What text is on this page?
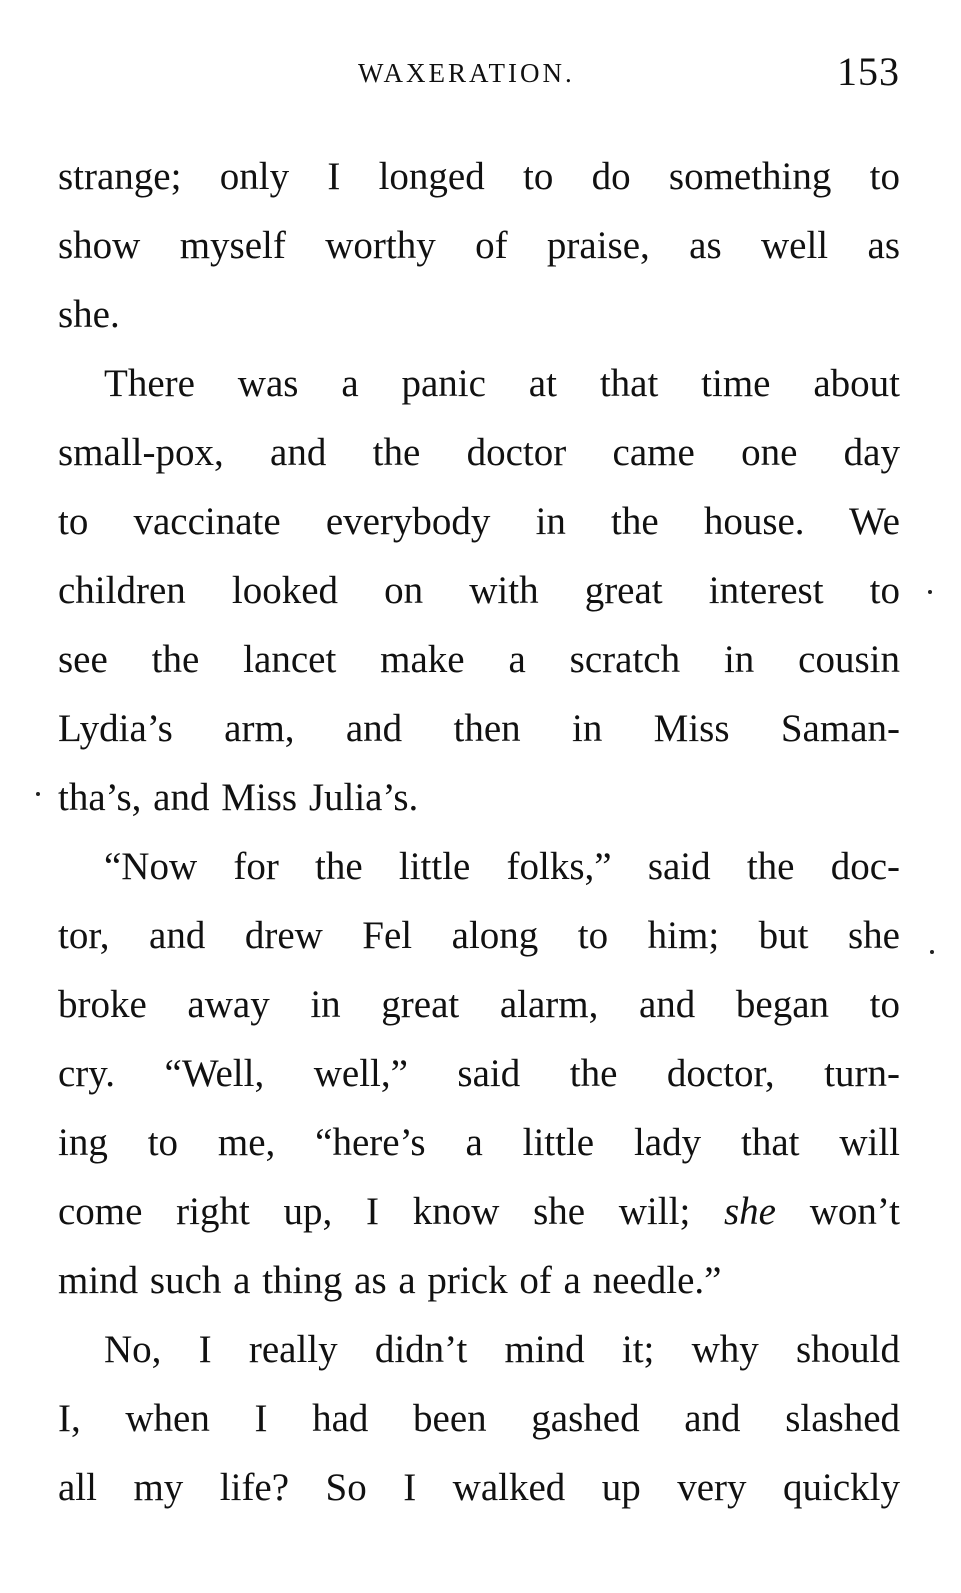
WAXERATION.	153
strange; only I longed to do something to
show myself worthy of praise, as well as
she.
There was a panic at that time about
small-pox, and the doctor came one day
to vaccinate everybody in the house. We
children looked on with great interest to
see the lancet make a scratch in cousin
Lydia’s arm, and then in Miss Saman-
tha’s, and Miss Julia’s.
“Now for the little folks,” said the doc-
tor, and drew Fel along to him; but she
broke away in great alarm, and began to
cry. “Well, well,” said the doctor, turn-
ing to me, “here’s a little lady that will
come right up, I know she will; she won’t
mind such a thing as a prick of a needle.”
No, I really didn’t mind it; why should
I, when I had been gashed and slashed
all my life? So I walked up very quickly
